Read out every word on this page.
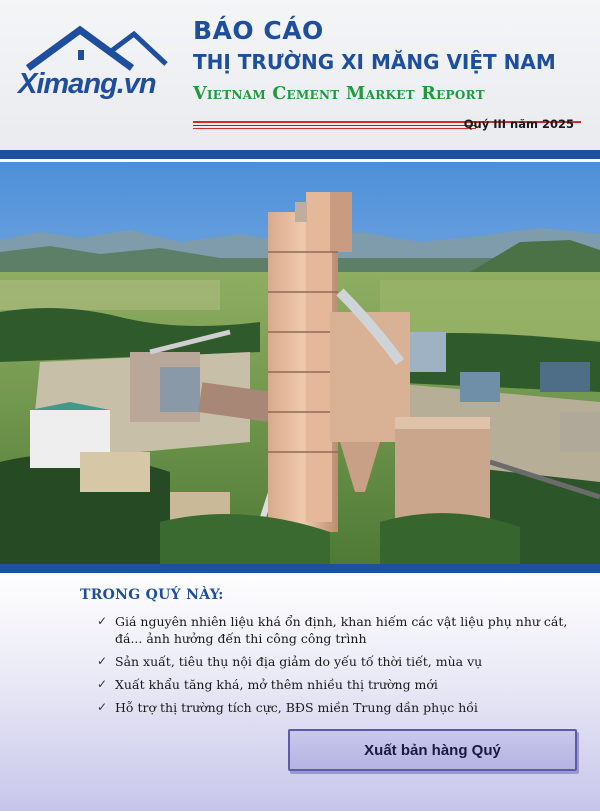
Ximang.vn
BÁO CÁO
THỊ TRƯỜNG XI MĂNG VIỆT NAM
Vietnam Cement Market Report
Quý III năm 2025
TRONG QUÝ NÀY:
✓ Giá nguyên nhiên liệu khá ổn định, khan hiếm các vật liệu phụ như cát, đá... ảnh hưởng đến thi công công trình
✓ Sản xuất, tiêu thụ nội địa giảm do yếu tố thời tiết, mùa vụ
✓ Xuất khẩu tăng khá, mở thêm nhiều thị trường mới
✓ Hỗ trợ thị trường tích cực, BĐS miền Trung dần phục hồi
Xuất bản hàng Quý
